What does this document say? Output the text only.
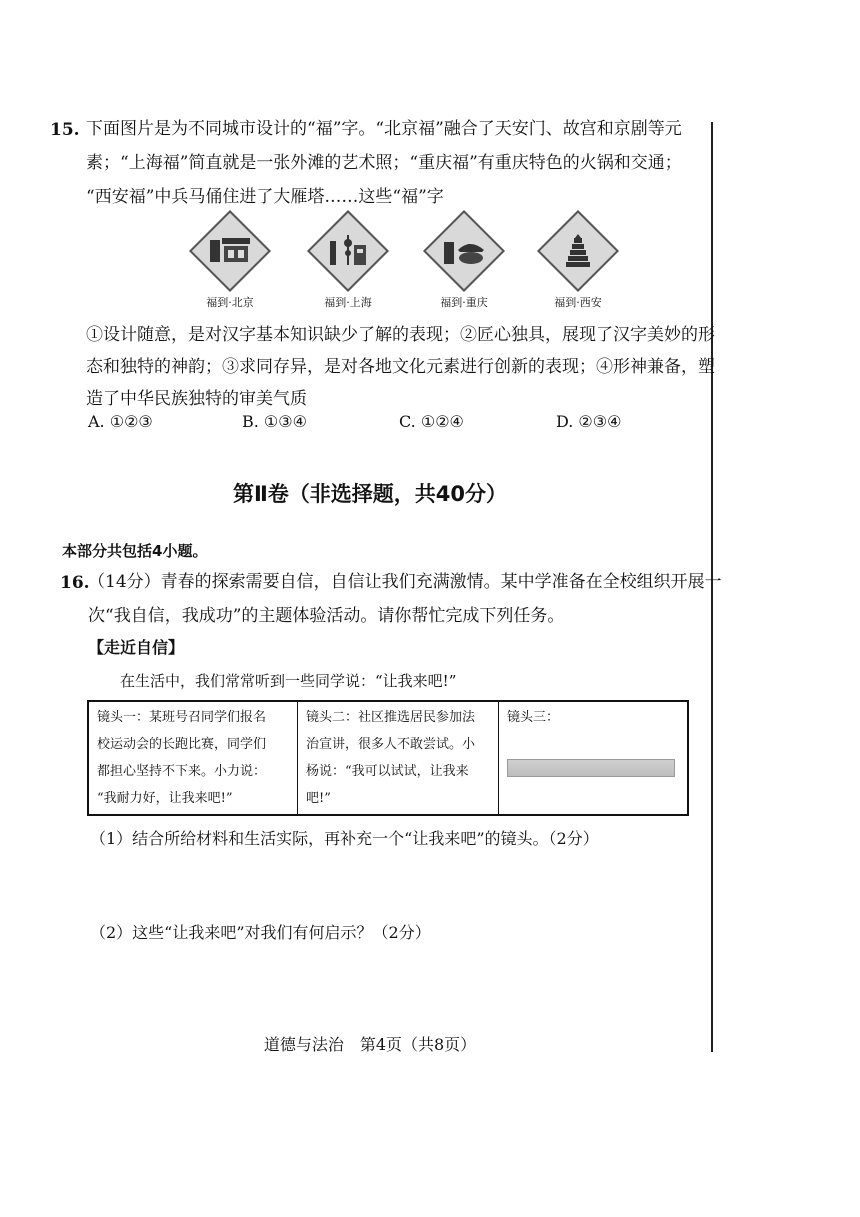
15. 下面图片是为不同城市设计的“福”字。“北京福”融合了天安门、故宫和京剧等元
素；“上海福”简直就是一张外滩的艺术照；“重庆福”有重庆特色的火锅和交通；
“西安福”中兵马俑住进了大雁塔……这些“福”字
福到·北京	福到·上海	福到·重庆	福到·西安
①设计随意，是对汉字基本知识缺少了解的表现；②匠心独具，展现了汉字美妙的形
态和独特的神韵；③求同存异，是对各地文化元素进行创新的表现；④形神兼备，塑
造了中华民族独特的审美气质
A. ①②③	B. ①③④	C. ①②④	D. ②③④
第Ⅱ卷（非选择题，共40分）
本部分共包括4小题。
16.
（14分）青春的探索需要自信，自信让我们充满激情。某中学准备在全校组织开展一
次“我自信，我成功”的主题体验活动。请你帮忙完成下列任务。
【走近自信】
在生活中，我们常常听到一些同学说：“让我来吧!”
镜头一：某班号召同学们报名
校运动会的长跑比赛，同学们
都担心坚持不下来。小力说：
“我耐力好，让我来吧!”

镜头二：社区推选居民参加法
治宣讲，很多人不敢尝试。小
杨说：“我可以试试，让我来吧!”

镜头三：
（1）结合所给材料和生活实际，再补充一个“让我来吧”的镜头。（2分）
（2）这些“让我来吧”对我们有何启示？（2分）
道德与法治　第4页（共8页）
